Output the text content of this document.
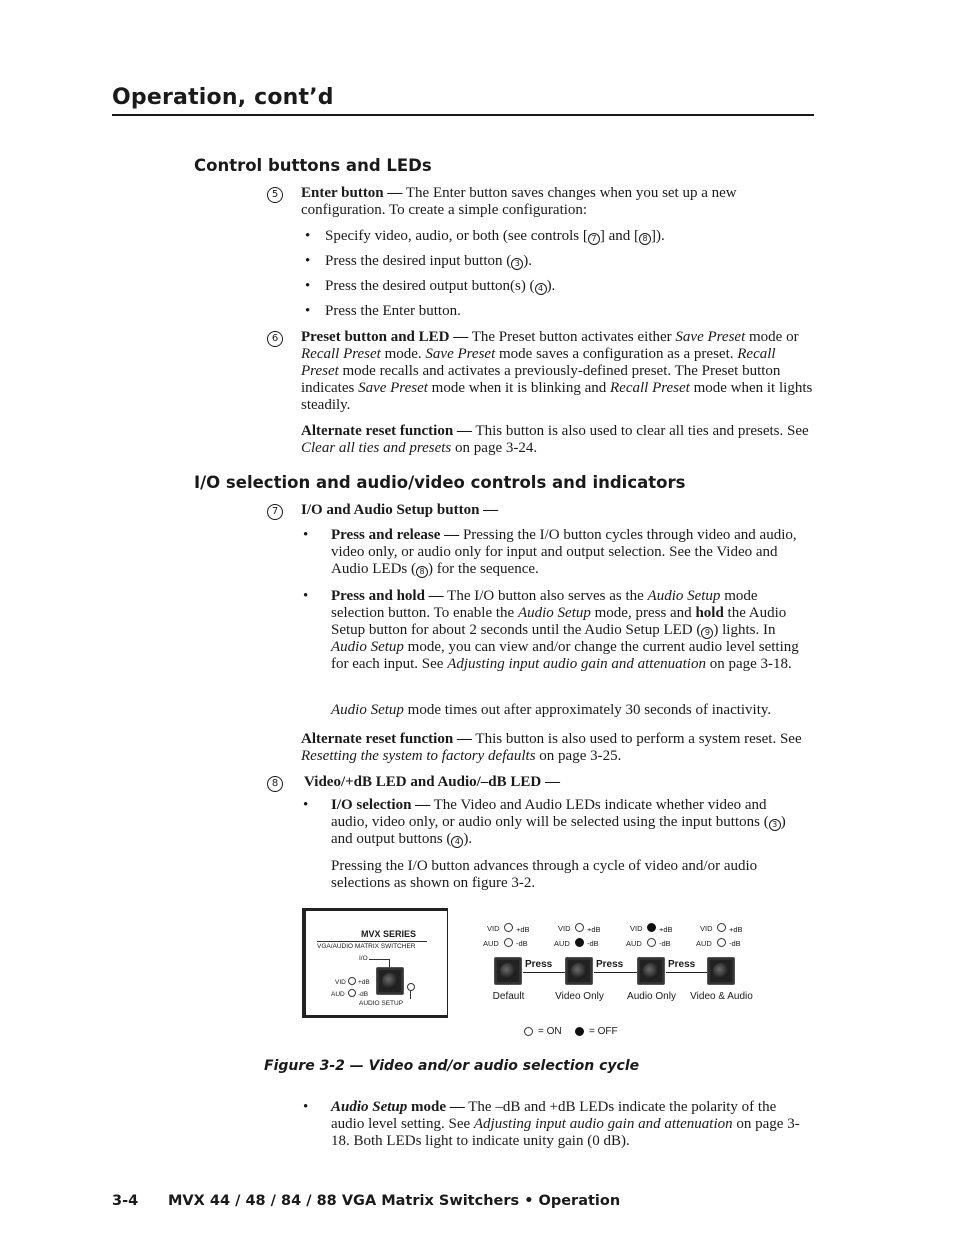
Operation, cont’d
Control buttons and LEDs
5	Enter button — The Enter button saves changes when you set up a new configuration. To create a simple configuration:
• Specify video, audio, or both (see controls [ 7 ] and [ 8 ]).
• Press the desired input button ( 3 ).
• Press the desired output button(s) ( 4 ).
• Press the Enter button.
6	Preset button and LED — The Preset button activates either Save Preset mode or Recall Preset mode. Save Preset mode saves a configuration as a preset. Recall Preset mode recalls and activates a previously-defined preset. The Preset button indicates Save Preset mode when it is blinking and Recall Preset mode when it lights steadily.
Alternate reset function — This button is also used to clear all ties and presets. See Clear all ties and presets on page 3-24.
I/O selection and audio/video controls and indicators
7	I/O and Audio Setup button —
• Press and release — Pressing the I/O button cycles through video and audio, video only, or audio only for input and output selection. See the Video and Audio LEDs ( 8 ) for the sequence.
• Press and hold — The I/O button also serves as the Audio Setup mode selection button. To enable the Audio Setup mode, press and hold the Audio Setup button for about 2 seconds until the Audio Setup LED ( 9 ) lights. In Audio Setup mode, you can view and/or change the current audio level setting for each input. See Adjusting input audio gain and attenuation on page 3-18.
Audio Setup mode times out after approximately 30 seconds of inactivity.
Alternate reset function — This button is also used to perform a system reset. See Resetting the system to factory defaults on page 3-25.
8	Video/+dB LED and Audio/–dB LED —
• I/O selection — The Video and Audio LEDs indicate whether video and audio, video only, or audio only will be selected using the input buttons ( 3 ) and output buttons ( 4 ).
Pressing the I/O button advances through a cycle of video and/or audio selections as shown on figure 3-2.
MVX SERIES
VGA/AUDIO MATRIX SWITCHER
I/O
VID +dB
AUD -dB
AUDIO SETUP
VID +dB
AUD -dB
Default
Press
VID +dB
AUD -dB
Video Only
Press
VID +dB
AUD -dB
Audio Only
Press
VID +dB
AUD -dB
Video & Audio
= ON	= OFF
Figure 3-2 — Video and/or audio selection cycle
• Audio Setup mode — The –dB and +dB LEDs indicate the polarity of the audio level setting. See Adjusting input audio gain and attenuation on page 3-18. Both LEDs light to indicate unity gain (0 dB).
3-4 MVX 44 / 48 / 84 / 88 VGA Matrix Switchers • Operation
